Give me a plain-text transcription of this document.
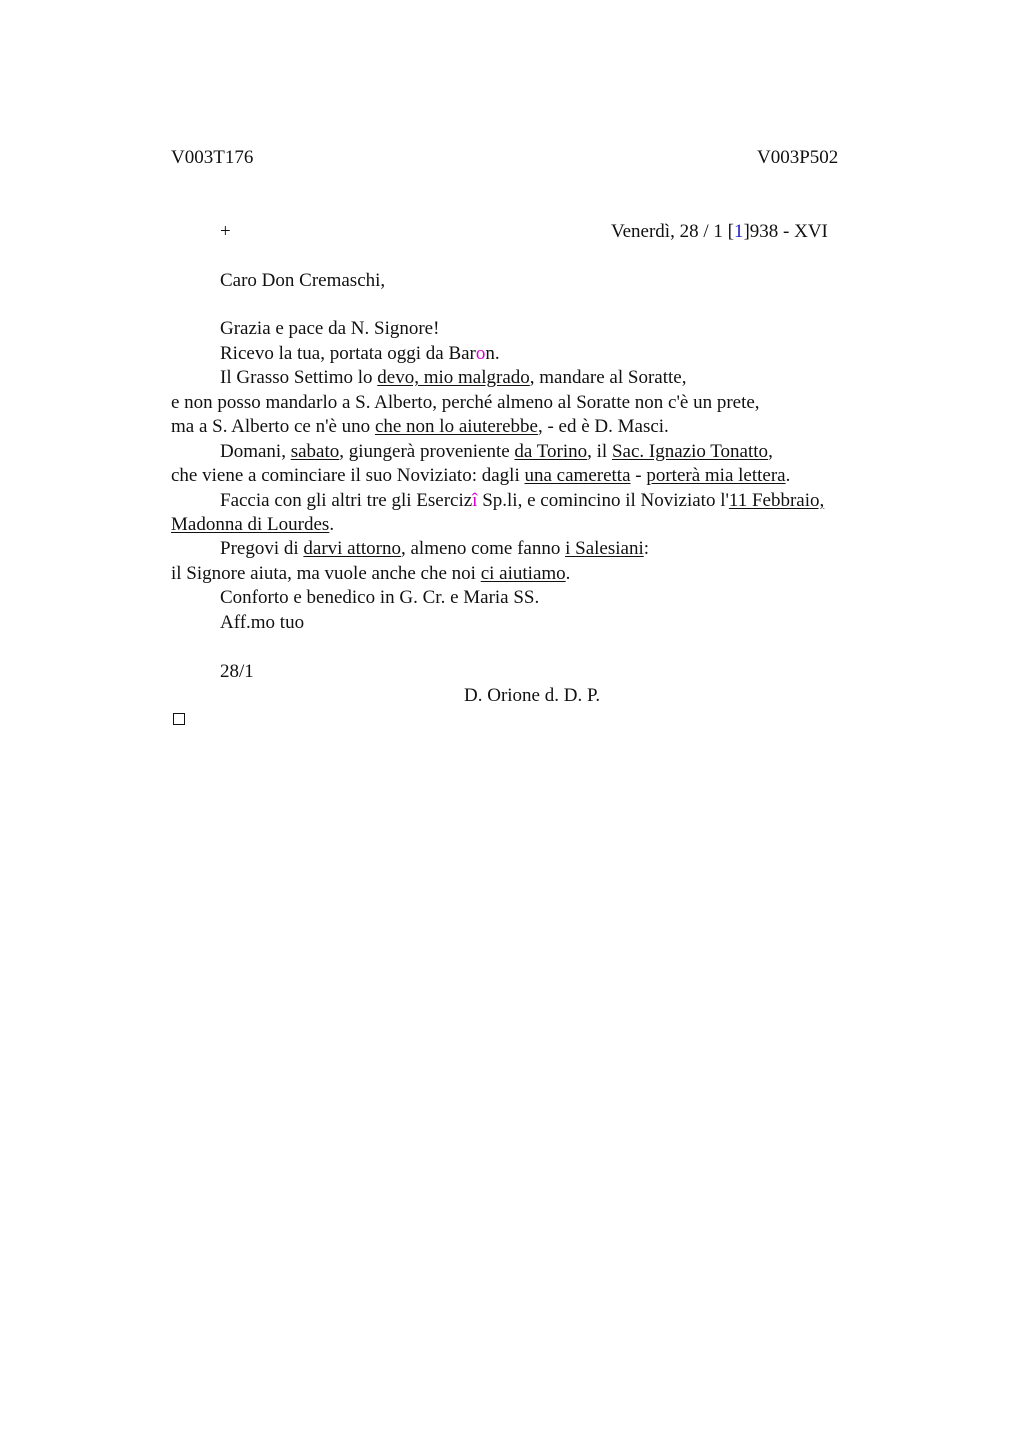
V003T176	V003P502
+	Venerdì, 28 / 1 [1]938 - XVI
Caro Don Cremaschi,
Grazia e pace da N. Signore!
Ricevo la tua, portata oggi da Baron.
Il Grasso Settimo lo devo, mio malgrado, mandare al Soratte,
e non posso mandarlo a S. Alberto, perché almeno al Soratte non c'è un prete,
ma a S. Alberto ce n'è uno che non lo aiuterebbe, - ed è D. Masci.
Domani, sabato, giungerà proveniente da Torino, il Sac. Ignazio Tonatto,
che viene a cominciare il suo Noviziato: dagli una cameretta - porterà mia lettera.
Faccia con gli altri tre gli Esercizî Sp.li, e comincino il Noviziato l'11 Febbraio,
Madonna di Lourdes.
Pregovi di darvi attorno, almeno come fanno i Salesiani:
il Signore aiuta, ma vuole anche che noi ci aiutiamo.
Conforto e benedico in G. Cr. e Maria SS.
Aff.mo tuo
28/1
D. Orione d. D. P.
